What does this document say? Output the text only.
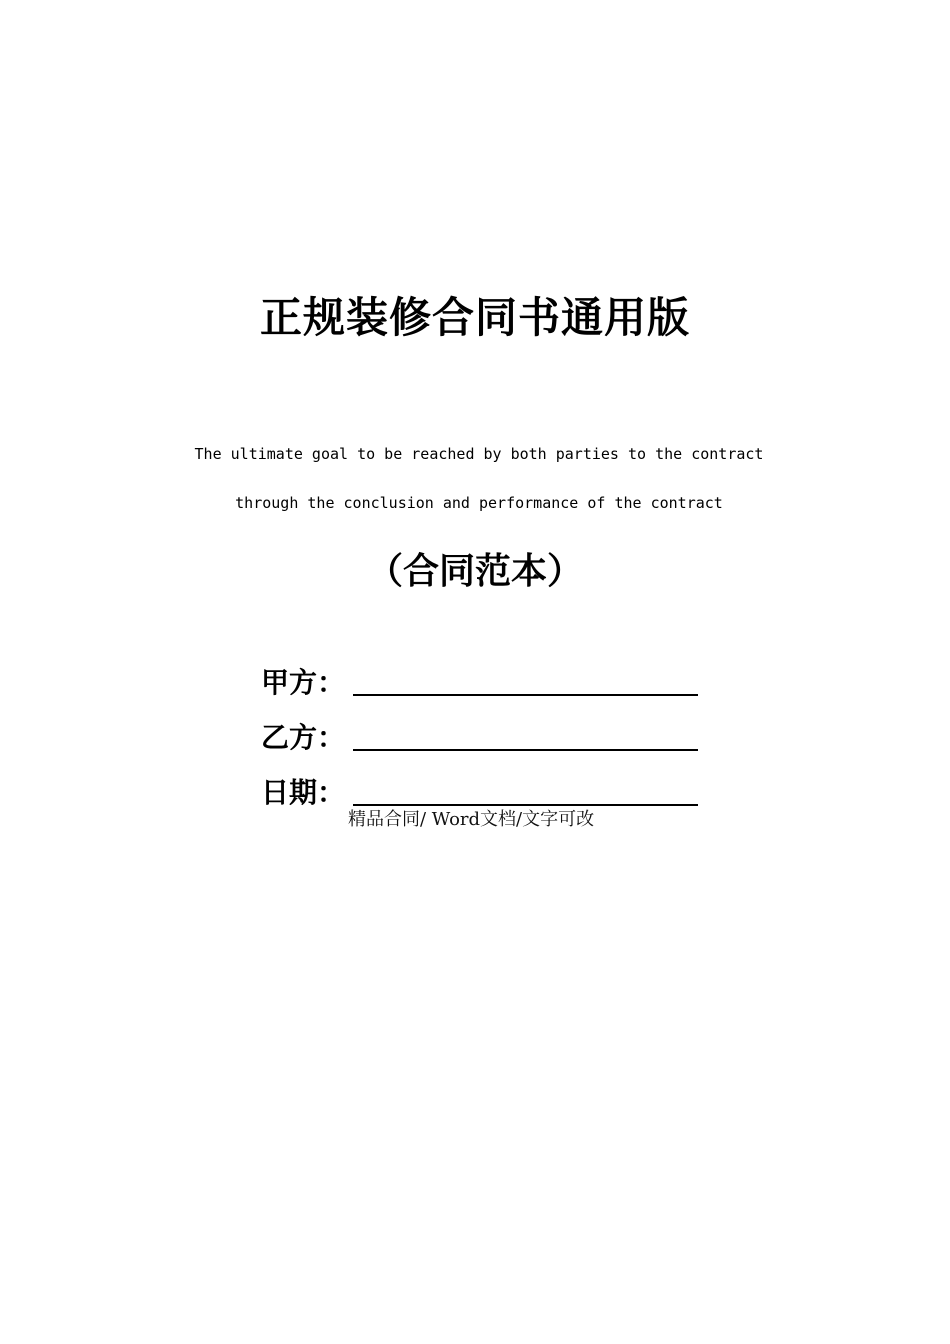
正规装修合同书通用版
The ultimate goal to be reached by both parties to the contract
through the conclusion and performance of the contract
（合同范本）
甲方：
乙方：
日期：
精品合同/ Word文档/文字可改
